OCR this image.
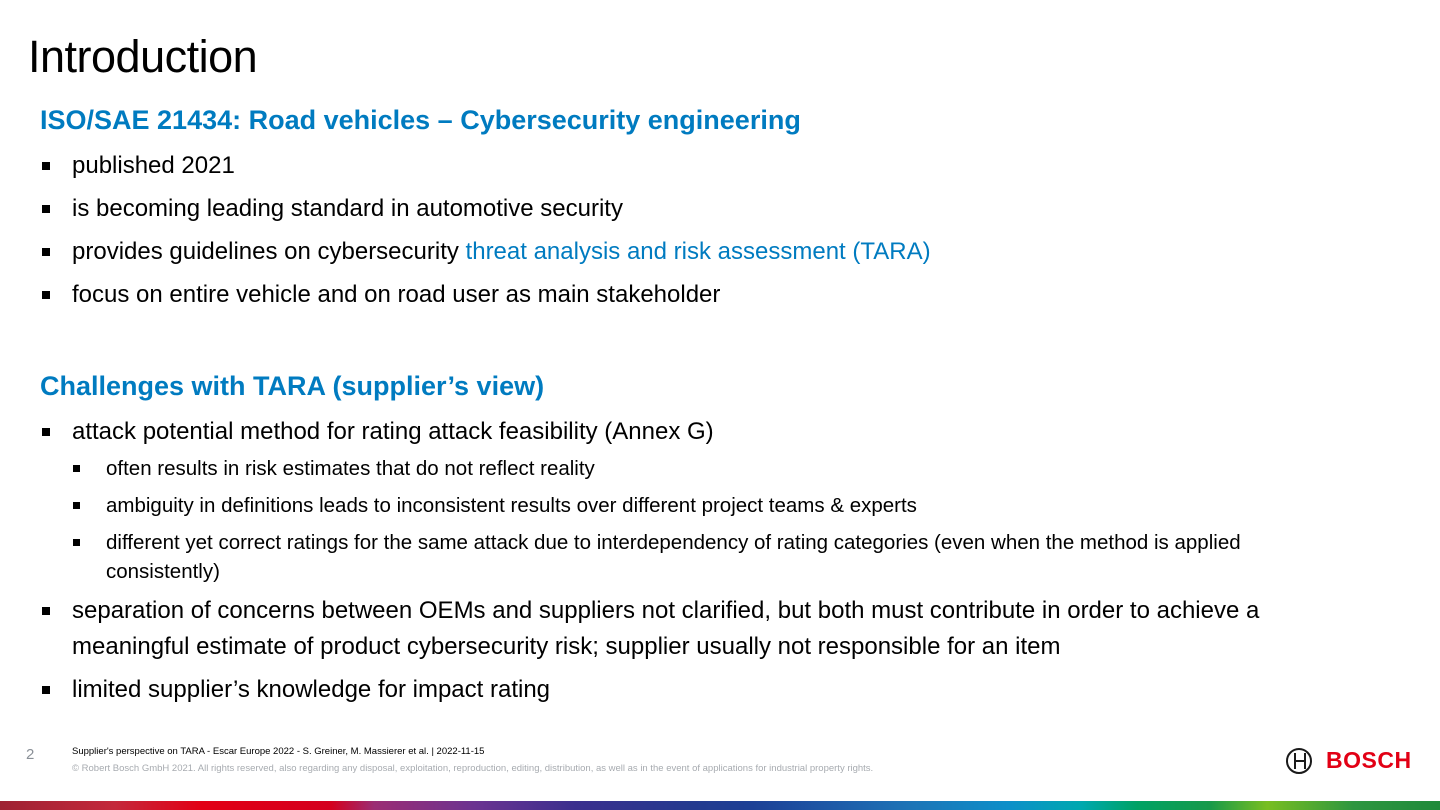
Introduction
ISO/SAE 21434: Road vehicles – Cybersecurity engineering
published 2021
is becoming leading standard in automotive security
provides guidelines on cybersecurity threat analysis and risk assessment (TARA)
focus on entire vehicle and on road user as main stakeholder
Challenges with TARA (supplier’s view)
attack potential method for rating attack feasibility (Annex G)
often results in risk estimates that do not reflect reality
ambiguity in definitions leads to inconsistent results over different project teams & experts
different yet correct ratings for the same attack due to interdependency of rating categories (even when the method is applied consistently)
separation of concerns between OEMs and suppliers not clarified, but both must contribute in order to achieve a meaningful estimate of product cybersecurity risk; supplier usually not responsible for an item
limited supplier’s knowledge for impact rating
2	Supplier's perspective on TARA - Escar Europe 2022 - S. Greiner, M. Massierer et al. | 2022-11-15
© Robert Bosch GmbH 2021. All rights reserved, also regarding any disposal, exploitation, reproduction, editing, distribution, as well as in the event of applications for industrial property rights.	BOSCH
